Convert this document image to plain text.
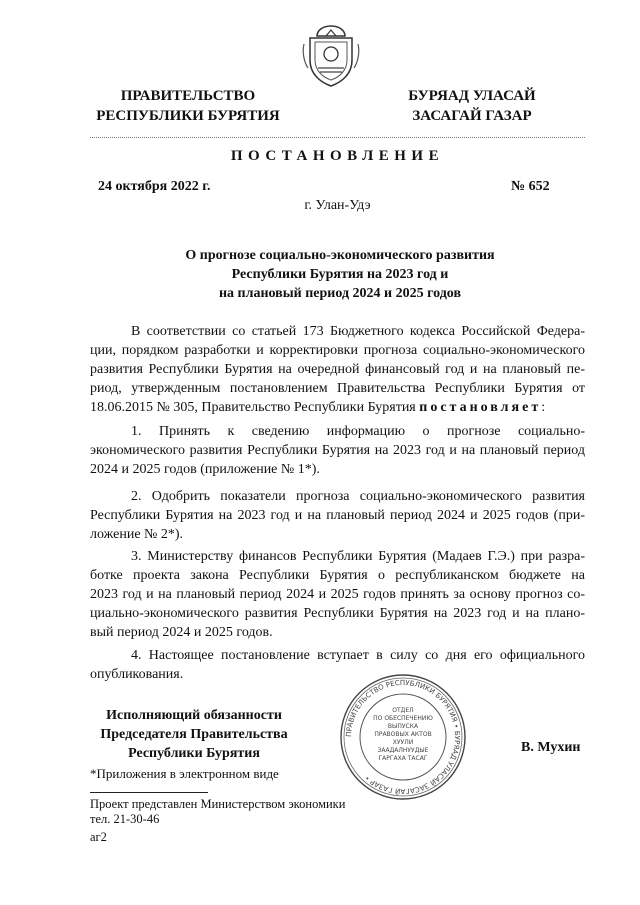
ПРАВИТЕЛЬСТВО
РЕСПУБЛИКИ БУРЯТИЯ
БУРЯАД УЛАСАЙ
ЗАСАГАЙ ГАЗАР
ПОСТАНОВЛЕНИЕ
24 октября 2022 г.	№ 652
г. Улан-Удэ
О прогнозе социально-экономического развития
Республики Бурятия на 2023 год и
на плановый период 2024 и 2025 годов
В соответствии со статьей 173 Бюджетного кодекса Российской Федера-
ции, порядком разработки и корректировки прогноза социально-экономического
развития Республики Бурятия на очередной финансовый год и на плановый пе-
риод, утвержденным постановлением Правительства Республики Бурятия от
18.06.2015 № 305, Правительство Республики Бурятия постановляет:
1. Принять к сведению информацию о прогнозе социально-
экономического развития Республики Бурятия на 2023 год и на плановый период
2024 и 2025 годов (приложение № 1*).
2. Одобрить показатели прогноза социально-экономического развития
Республики Бурятия на 2023 год и на плановый период 2024 и 2025 годов (при-
ложение № 2*).
3. Министерству финансов Республики Бурятия (Мадаев Г.Э.) при разра-
ботке проекта закона Республики Бурятия о республиканском бюджете на
2023 год и на плановый период 2024 и 2025 годов принять за основу прогноз со-
циально-экономического развития Республики Бурятия на 2023 год и на плано-
вый период 2024 и 2025 годов.
4. Настоящее постановление вступает в силу со дня его официального
опубликования.
ПРАВИТЕЛЬСТВО РЕСПУБЛИКИ БУРЯТИЯ • БУРЯАД УЛАСАЙ ЗАСАГАЙ ГАЗАР •
ОТДЕЛ
ПО ОБЕСПЕЧЕНИЮ
ВЫПУСКА
ПРАВОВЫХ АКТОВ
ХУУЛИ
ЗААДАЛНУУДЫЕ
ГАРГАХА ТАСАГ
Исполняющий обязанности
Председателя Правительства
Республики Бурятия	В. Мухин
*Приложения в электронном виде
Проект представлен Министерством экономики
тел. 21-30-46
аг2
